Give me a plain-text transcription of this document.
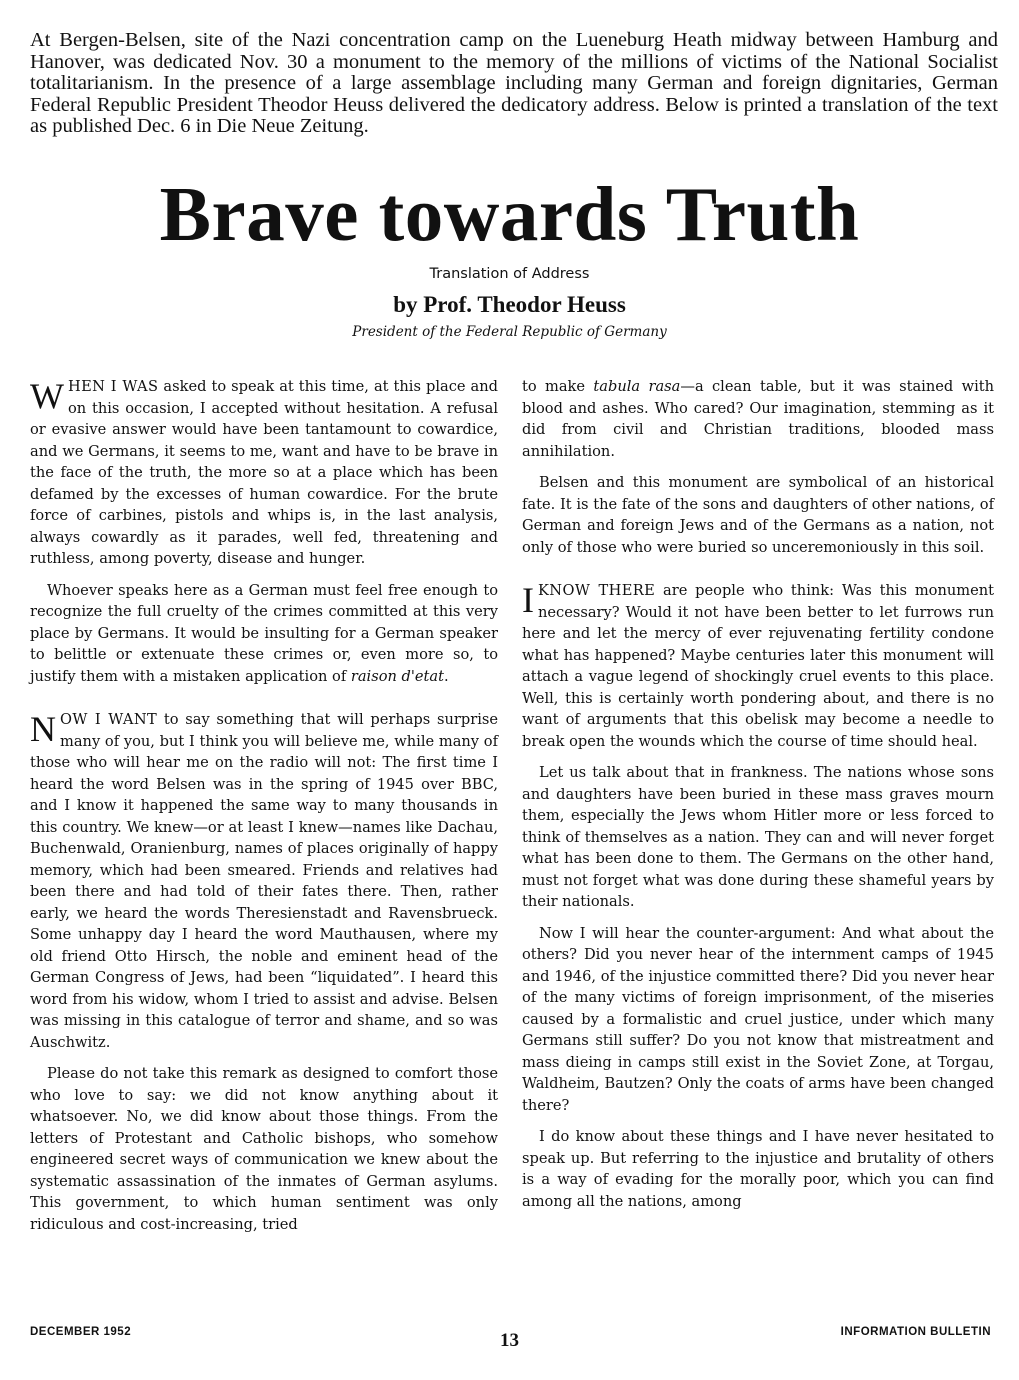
At Bergen-Belsen, site of the Nazi concentration camp on the Lueneburg Heath midway between Hamburg and Hanover, was dedicated Nov. 30 a monument to the memory of the millions of victims of the National Socialist totalitarianism. In the presence of a large assemblage including many German and foreign dignitaries, German Federal Republic President Theodor Heuss delivered the dedicatory address. Below is printed a translation of the text as published Dec. 6 in Die Neue Zeitung.

Brave towards Truth
Translation of Address
by Prof. Theodor Heuss
President of the Federal Republic of Germany

WHEN I WAS asked to speak at this time, at this place and on this occasion, I accepted without hesitation. A refusal or evasive answer would have been tantamount to cowardice, and we Germans, it seems to me, want and have to be brave in the face of the truth, the more so at a place which has been defamed by the excesses of human cowardice. For the brute force of carbines, pistols and whips is, in the last analysis, always cowardly as it parades, well fed, threatening and ruthless, among poverty, disease and hunger.

Whoever speaks here as a German must feel free enough to recognize the full cruelty of the crimes committed at this very place by Germans. It would be insulting for a German speaker to belittle or extenuate these crimes or, even more so, to justify them with a mistaken application of raison d'etat.

NOW I WANT to say something that will perhaps surprise many of you, but I think you will believe me, while many of those who will hear me on the radio will not: The first time I heard the word Belsen was in the spring of 1945 over BBC, and I know it happened the same way to many thousands in this country. We knew—or at least I knew—names like Dachau, Buchenwald, Oranienburg, names of places originally of happy memory, which had been smeared. Friends and relatives had been there and had told of their fates there. Then, rather early, we heard the words Theresienstadt and Ravensbrueck. Some unhappy day I heard the word Mauthausen, where my old friend Otto Hirsch, the noble and eminent head of the German Congress of Jews, had been “liquidated”. I heard this word from his widow, whom I tried to assist and advise. Belsen was missing in this catalogue of terror and shame, and so was Auschwitz.

Please do not take this remark as designed to comfort those who love to say: we did not know anything about it whatsoever. No, we did know about those things. From the letters of Protestant and Catholic bishops, who somehow engineered secret ways of communication we knew about the systematic assassination of the inmates of German asylums. This government, to which human sentiment was only ridiculous and cost-increasing, tried

to make tabula rasa—a clean table, but it was stained with blood and ashes. Who cared? Our imagination, stemming as it did from civil and Christian traditions, blooded mass annihilation.

Belsen and this monument are symbolical of an historical fate. It is the fate of the sons and daughters of other nations, of German and foreign Jews and of the Germans as a nation, not only of those who were buried so unceremoniously in this soil.

IKNOW THERE are people who think: Was this monument necessary? Would it not have been better to let furrows run here and let the mercy of ever rejuvenating fertility condone what has happened? Maybe centuries later this monument will attach a vague legend of shockingly cruel events to this place. Well, this is certainly worth pondering about, and there is no want of arguments that this obelisk may become a needle to break open the wounds which the course of time should heal.

Let us talk about that in frankness. The nations whose sons and daughters have been buried in these mass graves mourn them, especially the Jews whom Hitler more or less forced to think of themselves as a nation. They can and will never forget what has been done to them. The Germans on the other hand, must not forget what was done during these shameful years by their nationals.

Now I will hear the counter-argument: And what about the others? Did you never hear of the internment camps of 1945 and 1946, of the injustice committed there? Did you never hear of the many victims of foreign imprisonment, of the miseries caused by a formalistic and cruel justice, under which many Germans still suffer? Do you not know that mistreatment and mass dieing in camps still exist in the Soviet Zone, at Torgau, Waldheim, Bautzen? Only the coats of arms have been changed there?

I do know about these things and I have never hesitated to speak up. But referring to the injustice and brutality of others is a way of evading for the morally poor, which you can find among all the nations, among

DECEMBER 1952	13	INFORMATION BULLETIN
